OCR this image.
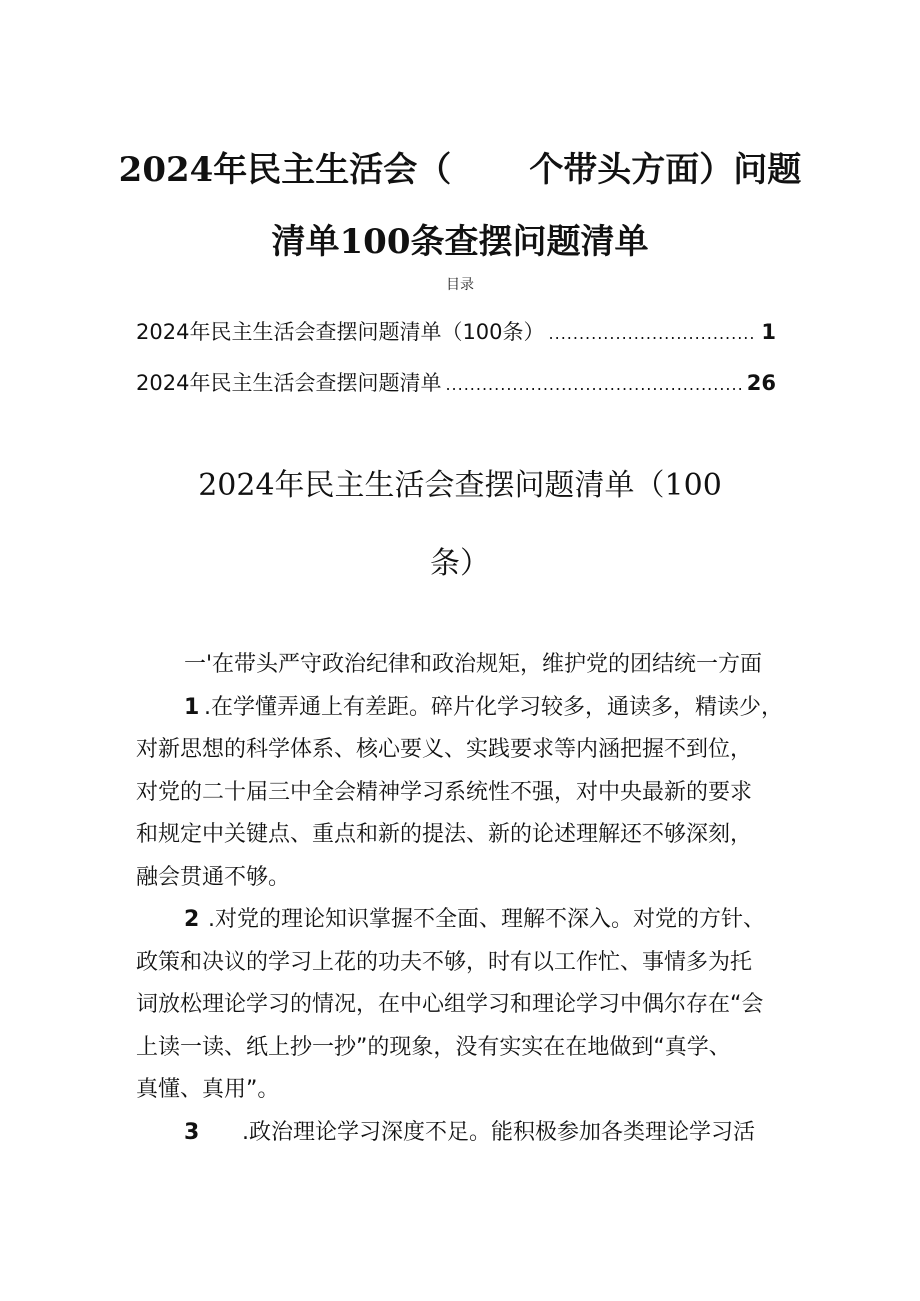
2024年民主生活会（ 个带头方面）问题
清单100条查摆问题清单
目录
2024年民主生活会查摆问题清单（100条） .....	1
2024年民主生活会查摆问题清单 .....	26
2024年民主生活会查摆问题清单（100
条）

一'在带头严守政治纪律和政治规矩，维护党的团结统一方面

1 .在学懂弄通上有差距。碎片化学习较多，通读多，精读少，
对新思想的科学体系、核心要义、实践要求等内涵把握不到位，
对党的二十届三中全会精神学习系统性不强，对中央最新的要求
和规定中关键点、重点和新的提法、新的论述理解还不够深刻，
融会贯通不够。

2 .对党的理论知识掌握不全面、理解不深入。对党的方针、
政策和决议的学习上花的功夫不够，时有以工作忙、事情多为托
词放松理论学习的情况，在中心组学习和理论学习中偶尔存在“会
上读一读、纸上抄一抄”的现象，没有实实在在地做到“真学、
真懂、真用”。

3 .政治理论学习深度不足。能积极参加各类理论学习活
